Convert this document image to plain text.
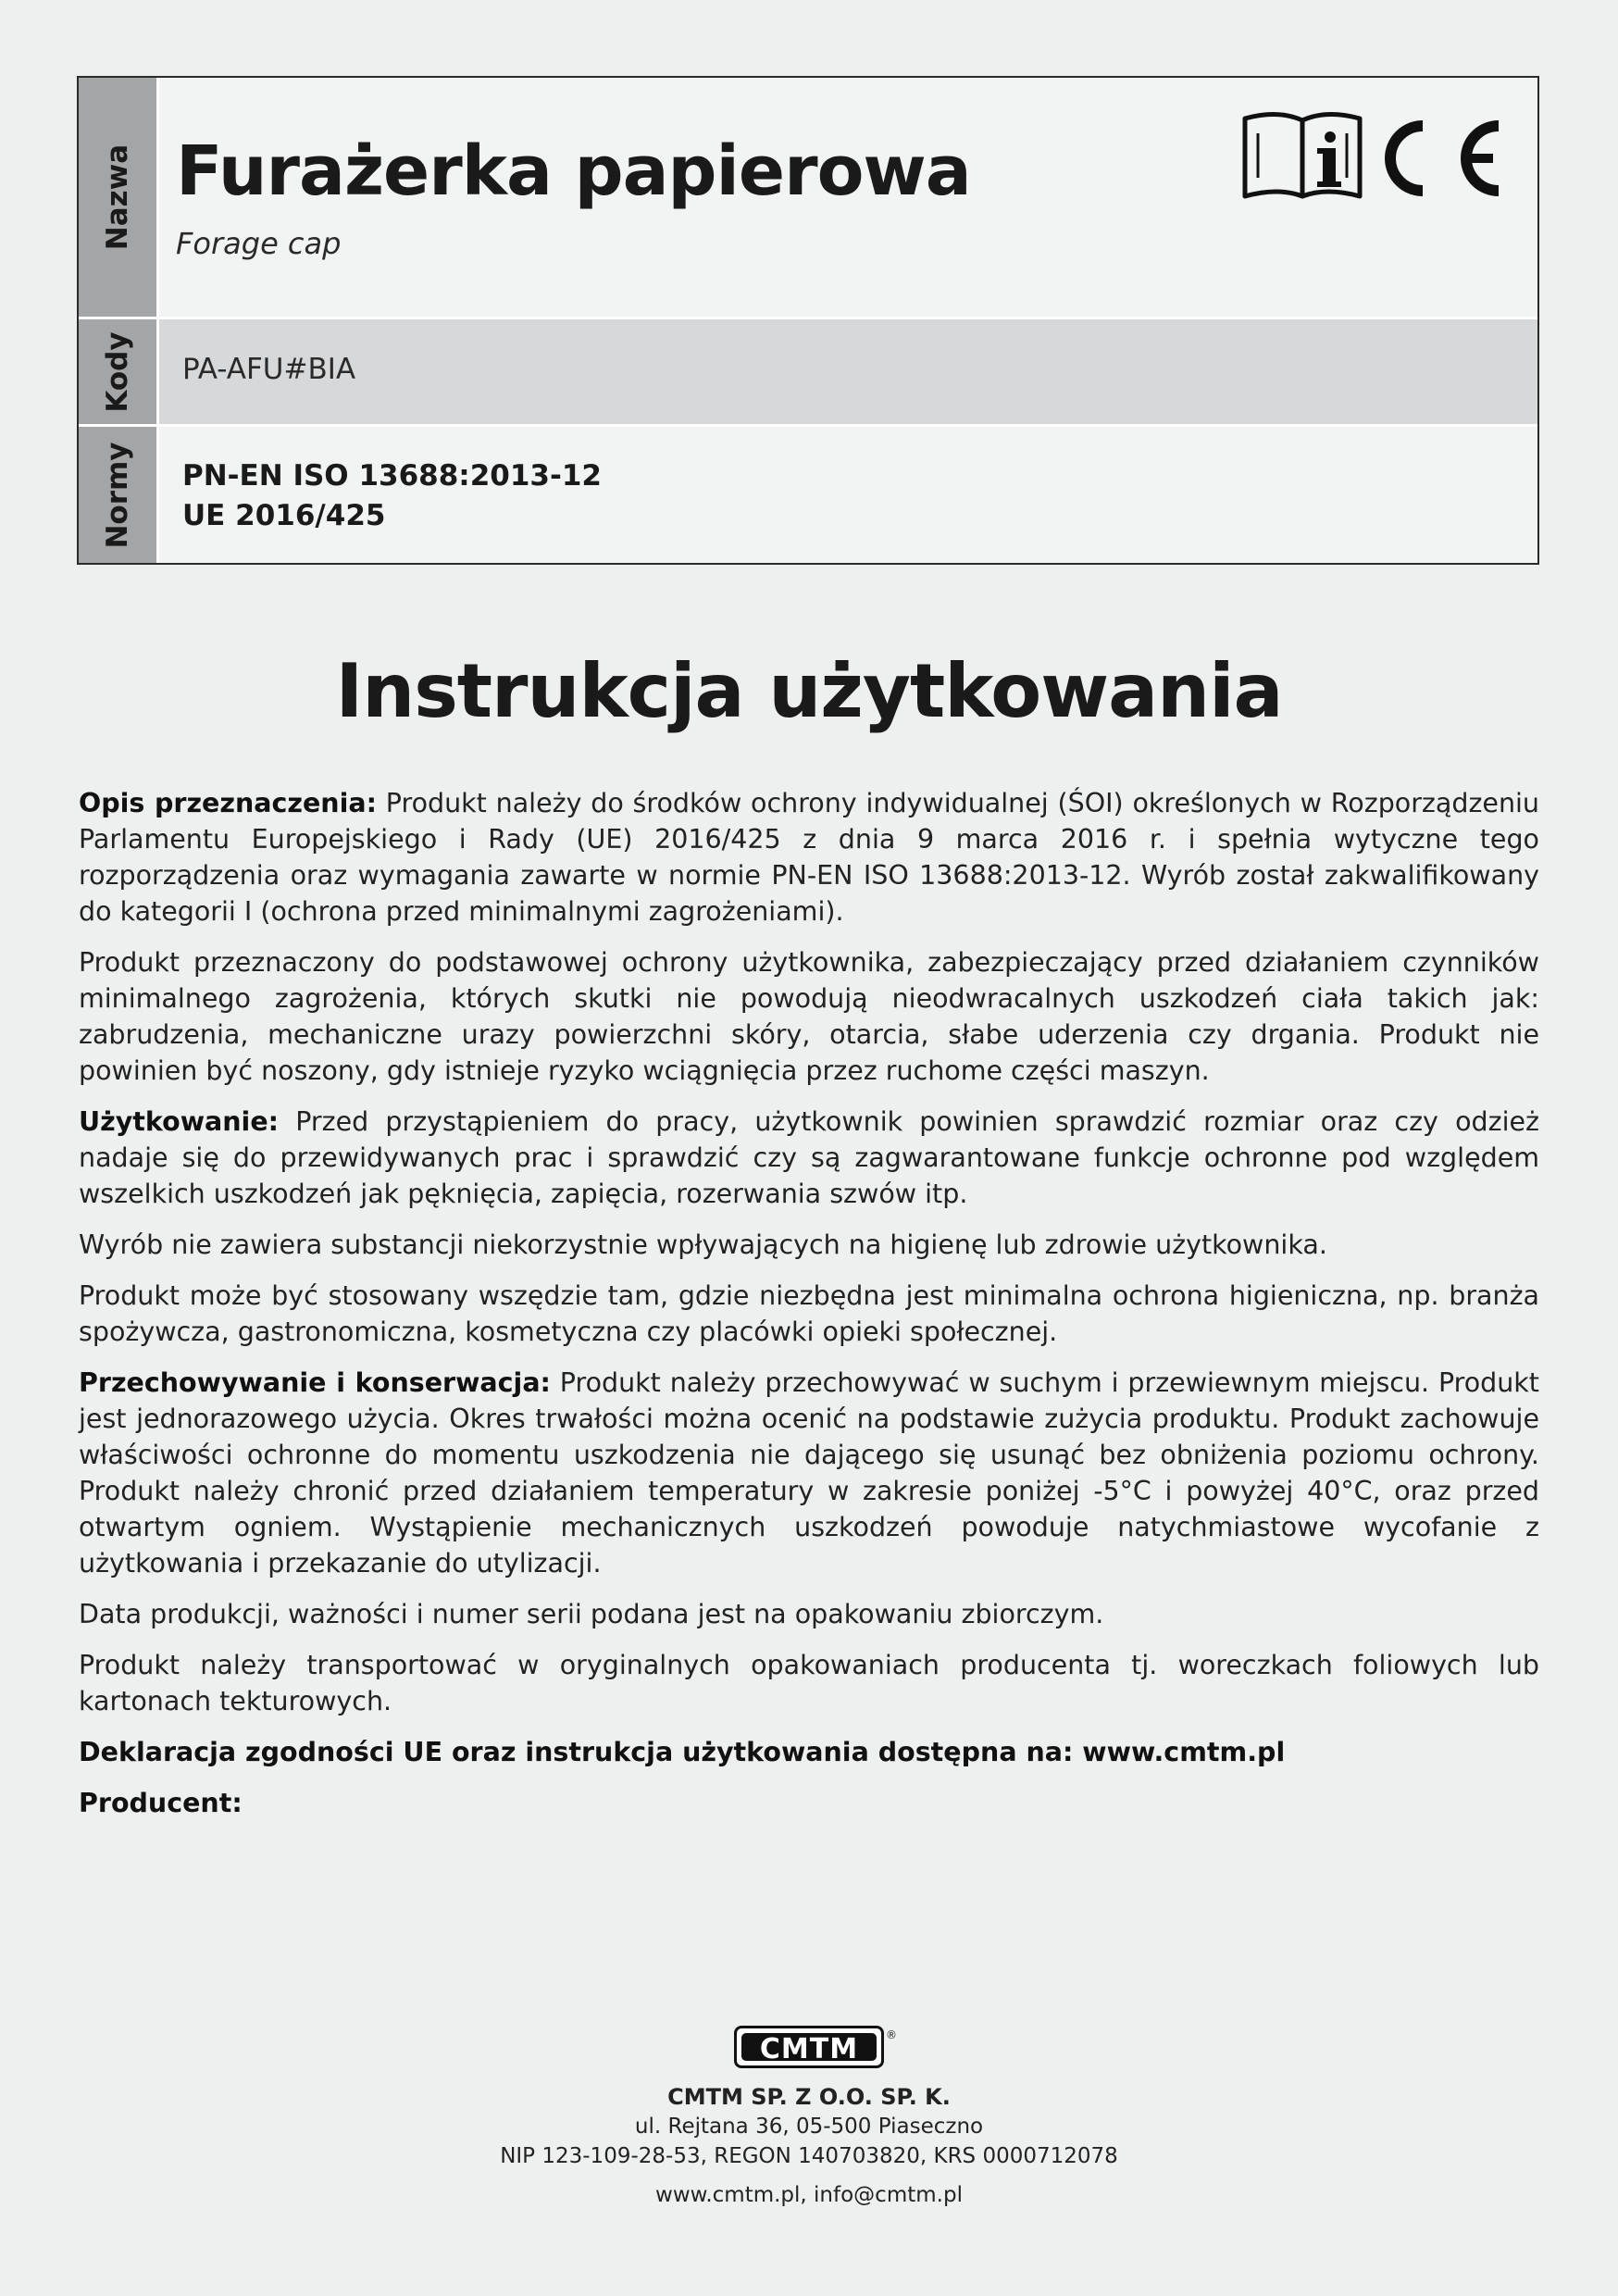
Nazwa Furażerka papierowa
Forage cap
Kody PA-AFU#BIA
Normy PN-EN ISO 13688:2013-12
UE 2016/425
Instrukcja użytkowania

Opis przeznaczenia: Produkt należy do środków ochrony indywidualnej (ŚOI) określonych w Rozporządzeniu Parlamentu Europejskiego i Rady (UE) 2016/425 z dnia 9 marca 2016 r. i spełnia wytyczne tego rozporządzenia oraz wymagania zawarte w normie PN-EN ISO 13688:2013-12. Wyrób został zakwalifikowany do kategorii I (ochrona przed minimalnymi zagrożeniami).

Produkt przeznaczony do podstawowej ochrony użytkownika, zabezpieczający przed działaniem czynników minimalnego zagrożenia, których skutki nie powodują nieodwracalnych uszkodzeń ciała takich jak: zabrudzenia, mechaniczne urazy powierzchni skóry, otarcia, słabe uderzenia czy drgania. Produkt nie powinien być noszony, gdy istnieje ryzyko wciągnięcia przez ruchome części maszyn.

Użytkowanie: Przed przystąpieniem do pracy, użytkownik powinien sprawdzić rozmiar oraz czy odzież nadaje się do przewidywanych prac i sprawdzić czy są zagwarantowane funkcje ochronne pod względem wszelkich uszkodzeń jak pęknięcia, zapięcia, rozerwania szwów itp.

Wyrób nie zawiera substancji niekorzystnie wpływających na higienę lub zdrowie użytkownika.

Produkt może być stosowany wszędzie tam, gdzie niezbędna jest minimalna ochrona higieniczna, np. branża spożywcza, gastronomiczna, kosmetyczna czy placówki opieki społecznej.

Przechowywanie i konserwacja: Produkt należy przechowywać w suchym i przewiewnym miejscu. Produkt jest jednorazowego użycia. Okres trwałości można ocenić na podstawie zużycia produktu. Produkt zachowuje właściwości ochronne do momentu uszkodzenia nie dającego się usunąć bez obniżenia poziomu ochrony. Produkt należy chronić przed działaniem temperatury w zakresie poniżej -5°C i powyżej 40°C, oraz przed otwartym ogniem. Wystąpienie mechanicznych uszkodzeń powoduje natychmiastowe wycofanie z użytkowania i przekazanie do utylizacji.

Data produkcji, ważności i numer serii podana jest na opakowaniu zbiorczym.

Produkt należy transportować w oryginalnych opakowaniach producenta tj. woreczkach foliowych lub kartonach tekturowych.

Deklaracja zgodności UE oraz instrukcja użytkowania dostępna na: www.cmtm.pl

Producent:

CMTM	®
CMTM SP. Z O.O. SP. K.
ul. Rejtana 36, 05-500 Piaseczno
NIP 123-109-28-53, REGON 140703820, KRS 0000712078
www.cmtm.pl, info@cmtm.pl
